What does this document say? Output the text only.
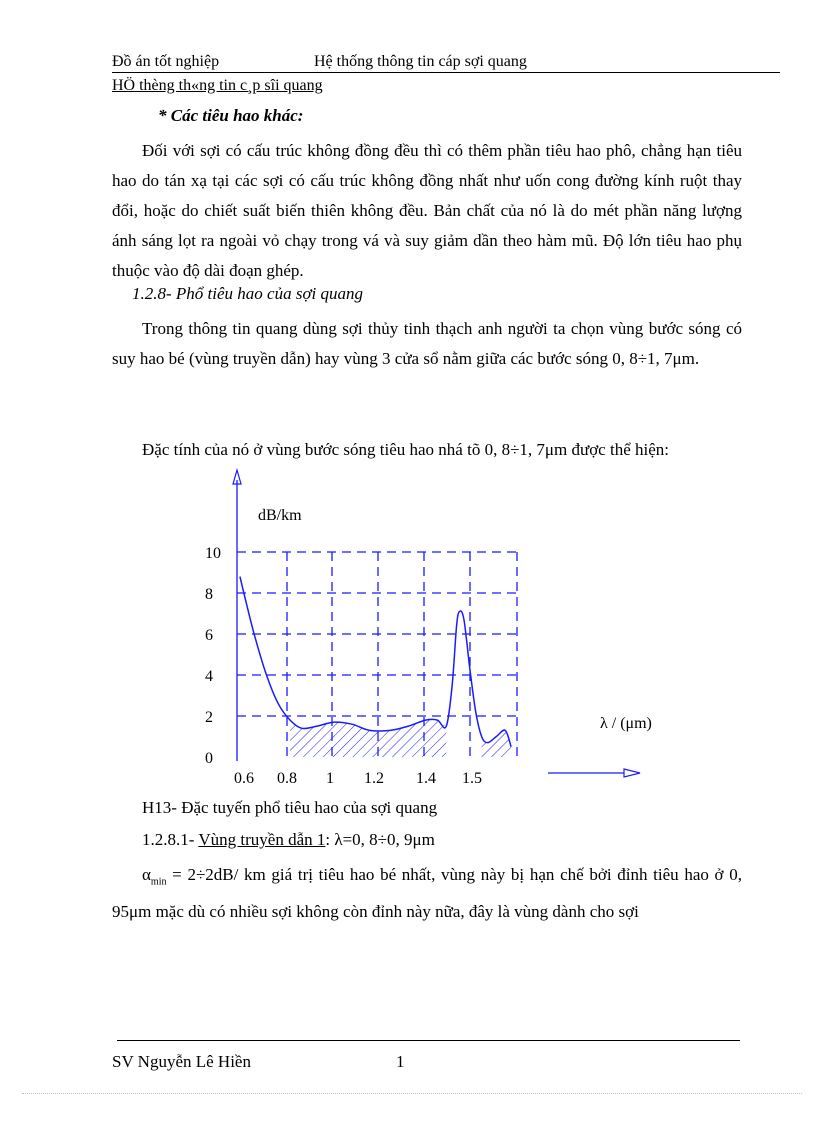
Đồ án tốt nghiệp	Hệ thống thông tin cáp sợi quang
HÖ thèng th«ng tin c¸p sîi quang
* Các tiêu hao khác:
Đối với sợi có cấu trúc không đồng đều thì có thêm phần tiêu hao phô, chẳng hạn tiêu hao do tán xạ tại các sợi có cấu trúc không đồng nhất như uốn cong đường kính ruột thay đổi, hoặc do chiết suất biến thiên không đều. Bản chất của nó là do mét phần năng lượng ánh sáng lọt ra ngoài vỏ chạy trong vá và suy giảm dần theo hàm mũ. Độ lớn tiêu hao phụ thuộc vào độ dài đoạn ghép.
1.2.8- Phổ tiêu hao của sợi quang
Trong thông tin quang dùng sợi thủy tinh thạch anh người ta chọn vùng bước sóng có suy hao bé (vùng truyền dẫn) hay vùng 3 cửa sổ nằm giữa các bước sóng 0, 8÷1, 7μm.
Đặc tính của nó ở vùng bước sóng tiêu hao nhá tõ 0, 8÷1, 7μm được thể hiện:
10
8
6
4
2
0
0.6 0.8 1 1.2 1.4 1.5
dB/km
λ / (μm)
H13- Đặc tuyến phổ tiêu hao của sợi quang
1.2.8.1- Vùng truyền dẫn 1: λ=0, 8÷0, 9μm
$\alpha_{min} = 2\div 2dB/$ km giá trị tiêu hao bé nhất, vùng này bị hạn chế bởi đỉnh tiêu hao ở 0, 95μm mặc dù có nhiều sợi không còn đỉnh này nữa, đây là vùng dành cho sợi
SV Nguyễn Lê Hiền	1
